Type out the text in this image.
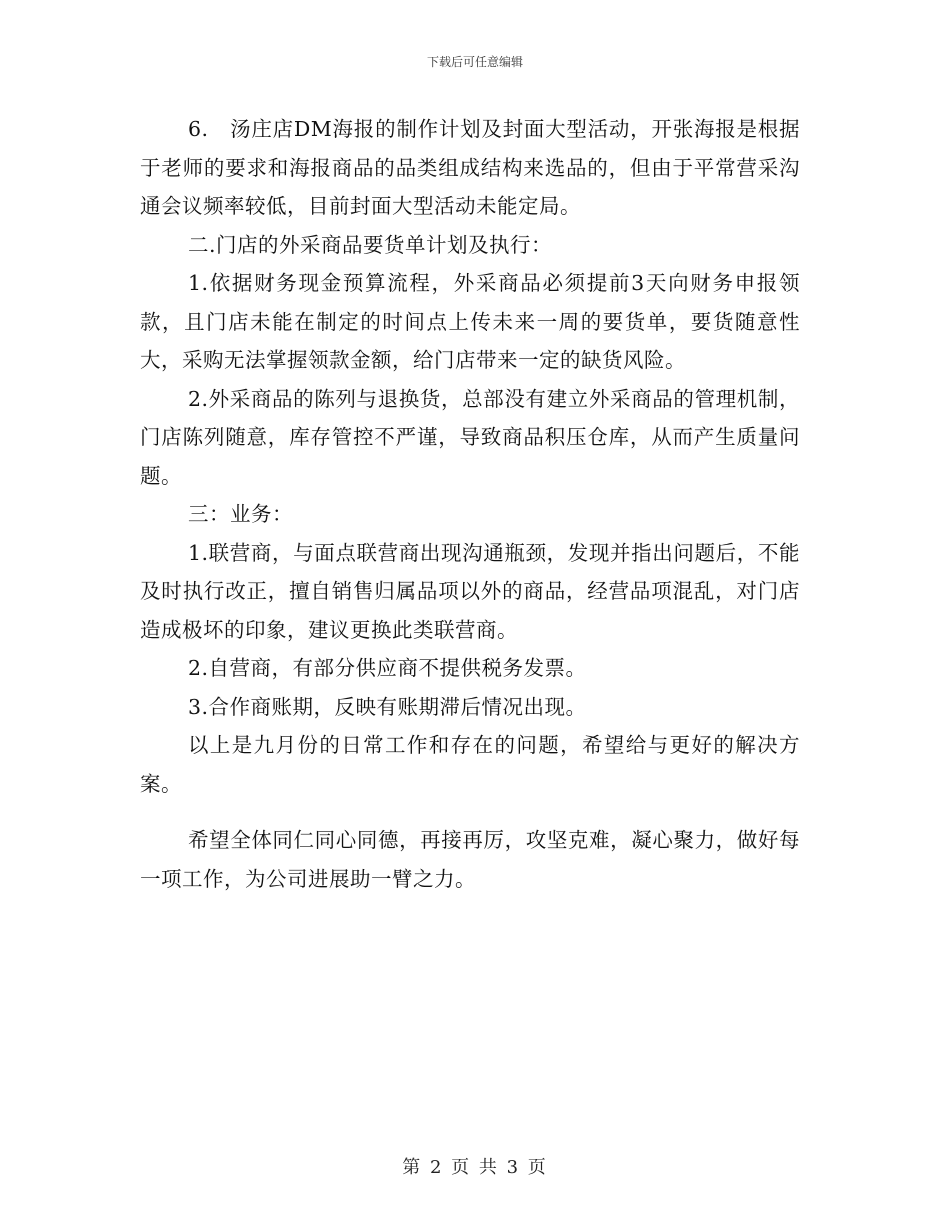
下载后可任意编辑

6.　汤庄店DM海报的制作计划及封面大型活动，开张海报是根据于老师的要求和海报商品的品类组成结构来选品的，但由于平常营采沟通会议频率较低，目前封面大型活动未能定局。

二.门店的外采商品要货单计划及执行：

1.依据财务现金预算流程，外采商品必须提前3天向财务申报领款，且门店未能在制定的时间点上传未来一周的要货单，要货随意性大，采购无法掌握领款金额，给门店带来一定的缺货风险。

2.外采商品的陈列与退换货，总部没有建立外采商品的管理机制，门店陈列随意，库存管控不严谨，导致商品积压仓库，从而产生质量问题。

三：业务：

1.联营商，与面点联营商出现沟通瓶颈，发现并指出问题后，不能及时执行改正，擅自销售归属品项以外的商品，经营品项混乱，对门店造成极坏的印象，建议更换此类联营商。

2.自营商，有部分供应商不提供税务发票。

3.合作商账期，反映有账期滞后情况出现。

以上是九月份的日常工作和存在的问题，希望给与更好的解决方案。

希望全体同仁同心同德，再接再厉，攻坚克难，凝心聚力，做好每一项工作，为公司进展助一臂之力。

第 2 页 共 3 页
